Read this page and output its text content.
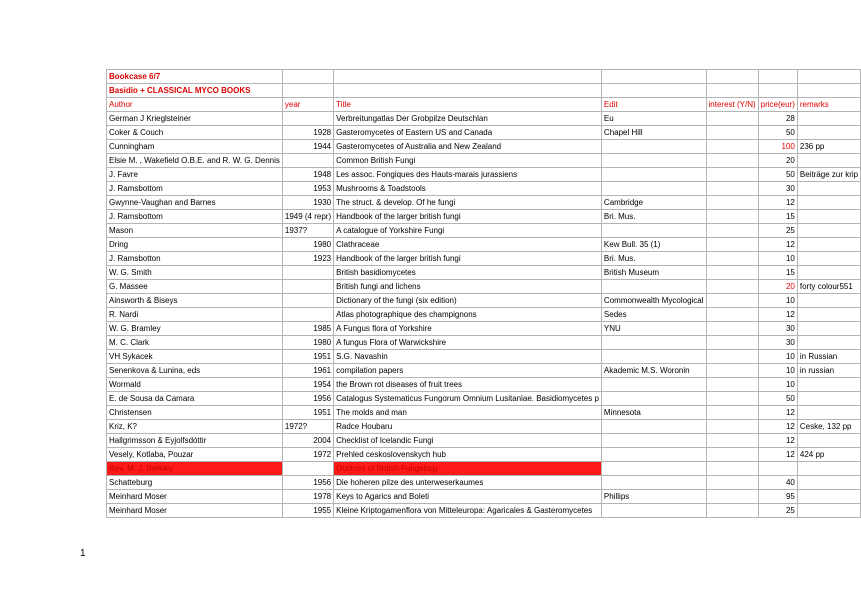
Bookcase 6/7						
Basidio + CLASSICAL MYCO BOOKS						
Author	year	Title	Edit	interest (Y/N)	price(eur)	remarks
German J Krieglsteiner		Verbreitungatlas Der Grobpilze Deutschlan	Eu		28	
Coker & Couch	1928	Gasteromycetes of Eastern US and Canada	Chapel Hill		50	
Cunningham	1944	Gasteromycetes of Australia and New Zealand			100	236 pp
Elsie M. , Wakefield O.B.E. and R. W. G. Dennis		Common British Fungi			20	
J. Favre	1948	Les assoc. Fongiques des Hauts-marais jurassiens			50	Beiträge zur krip
J. Ramsbottom	1953	Mushrooms & Toadstools			30	
Gwynne-Vaughan and Barnes	1930	The struct. & develop. Of he fungi	Cambridge		12	
J. Ramsbottom	1949 (4 repr)	Handbook of the larger british fungi	Bri. Mus.		15	
Mason	1937?	A catalogue of Yorkshire Fungi			25	
Dring	1980	Clathraceae	Kew Bull. 35 (1)		12	
J. Ramsbotton	1923	Handbook of the larger british fungi	Bri. Mus.		10	
W. G. Smith		British basidiomycetes	British Museum		15	
G. Massee		British fungi and lichens			20	forty colour551
Ainsworth & Biseys		Dictionary of the fungi (six edition)	Commonwealth Mycological		10	
R. Nardi		Atlas photographique des champignons	Sedes		12	
W. G. Bramley	1985	A Fungus flora of Yorkshire	YNU		30	
M. C. Clark	1980	A fungus Flora of Warwickshire			30	
VH Sykacek	1951	S.G. Navashin			10	in Russian
Senenkova & Lunina, eds	1961	compilation papers	Akademic M.S. Woronin		10	in russian
Wormald	1954	the Brown rot diseases of fruit trees			10	
E. de Sousa da Camara	1956	Catalogus Systematicus Fungorum Omnium Lusitaniae. Basidiomycetes p			50	
Christensen	1951	The molds and man	Minnesota		12	
Kriz, K?	1972?	Radce Houbaru			12	Ceske, 132 pp
Hallgrimsson & Eyjolfsdóttir	2004	Checklist of Icelandic Fungi			12	
Vesely, Kotlaba, Pouzar	1972	Prehled ceskoslovenskych hub			12	424 pp
Rev. M. J. Berkley		Outlines of British Fungology				
Schatteburg	1956	Die hoheren pilze des unterweserkaumes			40	
Meinhard Moser	1978	Keys to Agarics and Boleti	Phillips		95	
Meinhard Moser	1955	Kleine Kriptogamenflora von Mitteleuropa: Agaricales & Gasteromycetes			25	
1
